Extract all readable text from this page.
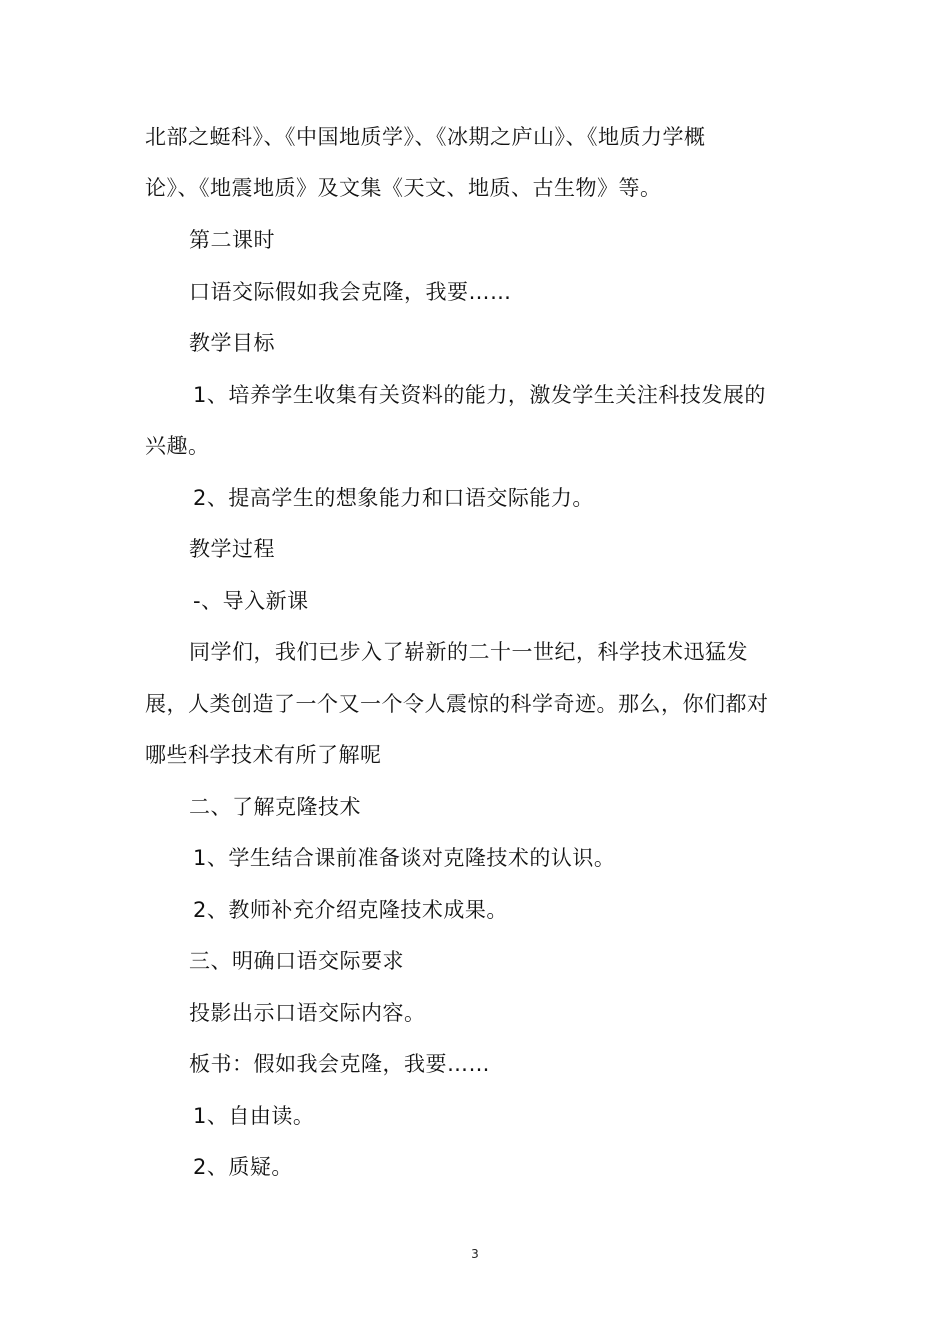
北部之蜓科》、《中国地质学》、《冰期之庐山》、《地质力学概
论》、《地震地质》及文集《天文、地质、古生物》等。
第二课时
口语交际假如我会克隆，我要……
教学目标
1、培养学生收集有关资料的能力，激发学生关注科技发展的
兴趣。
2、提高学生的想象能力和口语交际能力。
教学过程
-、导入新课
同学们，我们已步入了崭新的二十一世纪，科学技术迅猛发
展，人类创造了一个又一个令人震惊的科学奇迹。那么，你们都对
哪些科学技术有所了解呢
二、了解克隆技术
1、学生结合课前准备谈对克隆技术的认识。
2、教师补充介绍克隆技术成果。
三、明确口语交际要求
投影出示口语交际内容。
板书：假如我会克隆，我要……
1、自由读。
2、质疑。
3
